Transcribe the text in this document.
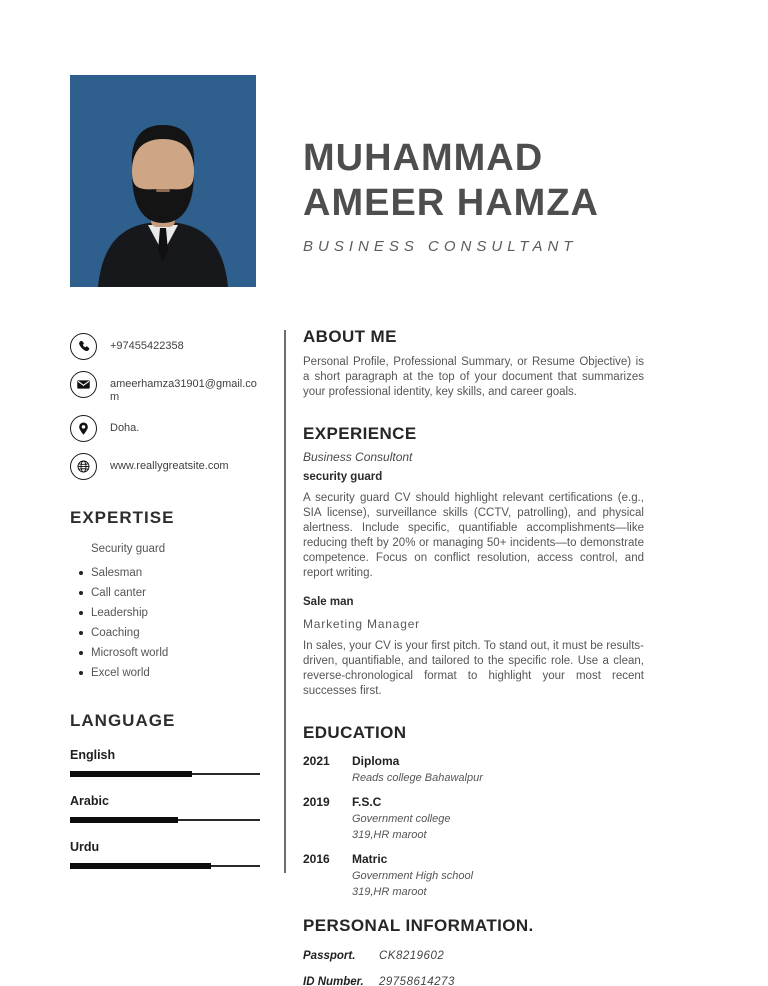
MUHAMMAD
AMEER HAMZA
BUSINESS CONSULTANT
+97455422358
ameerhamza31901@gmail.com
Doha.
www.reallygreatsite.com
EXPERTISE
Security guard
Salesman
Call canter
Leadership
Coaching
Microsoft world
Excel world
LANGUAGE
English
Arabic
Urdu
ABOUT ME

Personal Profile, Professional Summary, or Resume Objective) is a short paragraph at the top of your document that summarizes your professional identity, key skills, and career goals.

EXPERIENCE
Business Consultont
security guard

A security guard CV should highlight relevant certifications (e.g., SIA license), surveillance skills (CCTV, patrolling), and physical alertness. Include specific, quantifiable accomplishments—like reducing theft by 20% or managing 50+ incidents—to demonstrate competence. Focus on conflict resolution, access control, and report writing.

Sale man
Marketing Manager

In sales, your CV is your first pitch. To stand out, it must be results-driven, quantifiable, and tailored to the specific role. Use a clean, reverse-chronological format to highlight your most recent successes first.

EDUCATION
2021	Diploma
Reads college Bahawalpur
2019	F.S.C
Government college
319,HR maroot
2016	Matric
Government High school
319,HR maroot
PERSONAL INFORMATION.
Passport.	CK8219602
ID Number.	29758614273
